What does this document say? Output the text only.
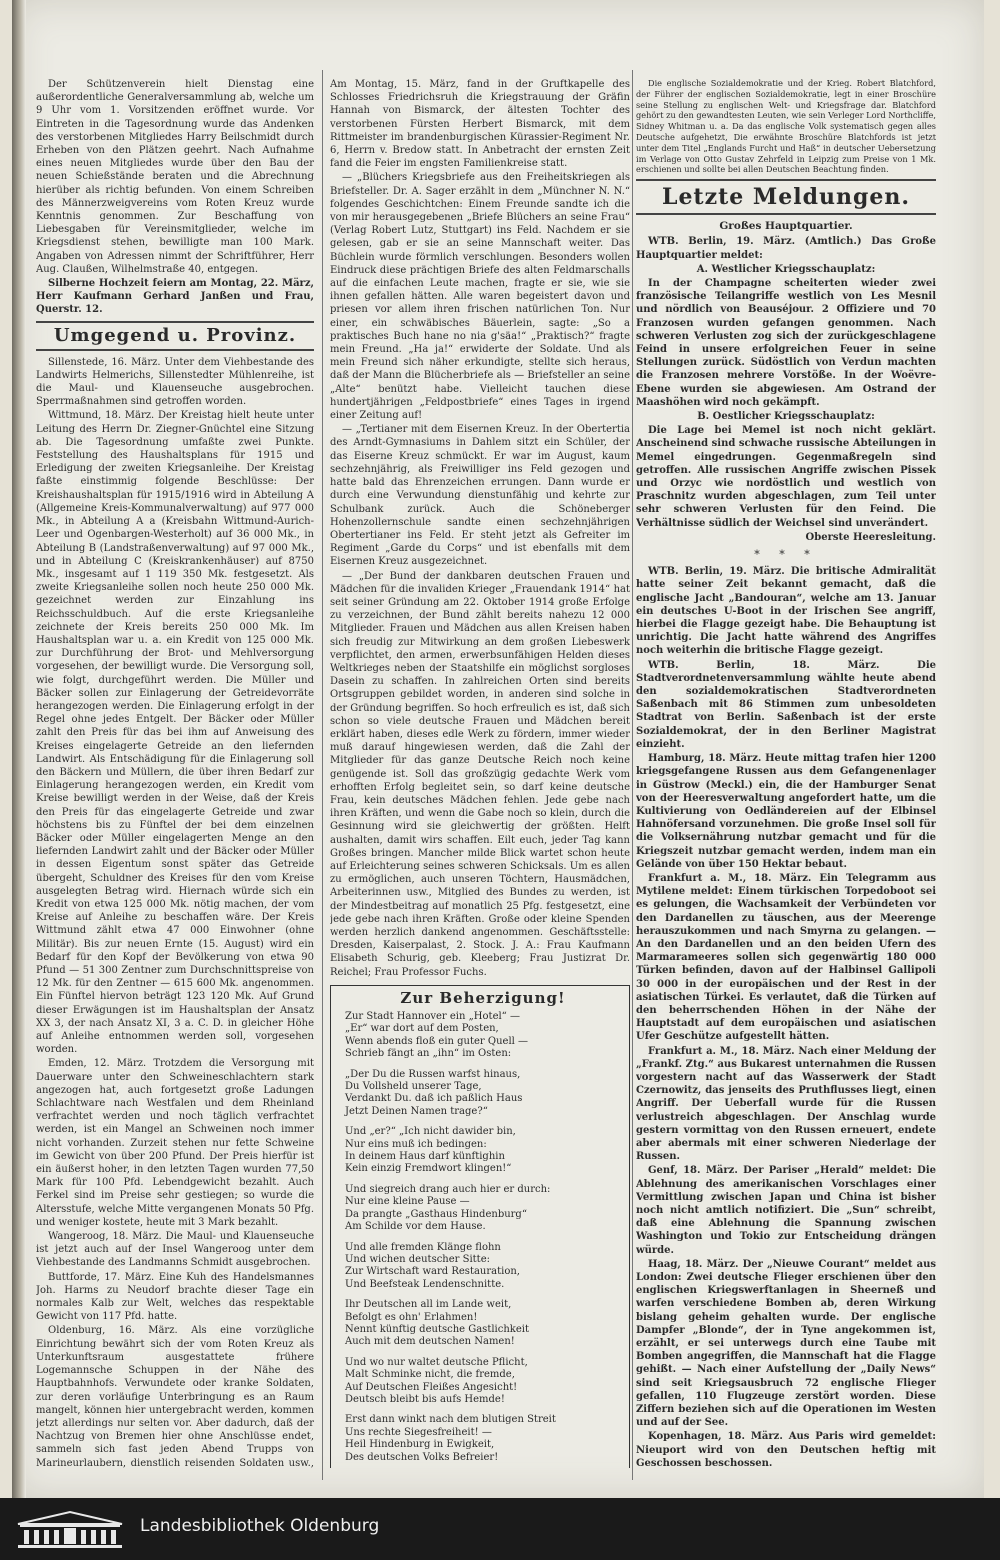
Der Schützenverein hielt Dienstag eine außerordentliche Generalversammlung ab, welche um 9 Uhr vom 1. Vorsitzenden eröffnet wurde. Vor Eintreten in die Tagesordnung wurde das Andenken des verstorbenen Mitgliedes Harry Beilschmidt durch Erheben von den Plätzen geehrt. Nach Aufnahme eines neuen Mitgliedes wurde über den Bau der neuen Schießstände beraten und die Abrechnung hierüber als richtig befunden. Von einem Schreiben des Männerzweigvereins vom Roten Kreuz wurde Kenntnis genommen. Zur Beschaffung von Liebesgaben für Vereinsmitglieder, welche im Kriegsdienst stehen, bewilligte man 100 Mark. Angaben von Adressen nimmt der Schriftführer, Herr Aug. Claußen, Wilhelmstraße 40, entgegen.

Silberne Hochzeit feiern am Montag, 22. März, Herr Kaufmann Gerhard Janßen und Frau, Querstr. 12.

Umgegend u. Provinz.

Sillenstede, 16. März. Unter dem Viehbestande des Landwirts Helmerichs, Sillenstedter Mühlenreihe, ist die Maul- und Klauenseuche ausgebrochen. Sperrmaßnahmen sind getroffen worden.

Wittmund, 18. März. Der Kreistag hielt heute unter Leitung des Herrn Dr. Ziegner-Gnüchtel eine Sitzung ab. Die Tagesordnung umfaßte zwei Punkte. Feststellung des Haushaltsplans für 1915 und Erledigung der zweiten Kriegsanleihe. Der Kreistag faßte einstimmig folgende Beschlüsse: Der Kreishaushaltsplan für 1915/1916 wird in Abteilung A (Allgemeine Kreis-Kommunalverwaltung) auf 977 000 Mk., in Abteilung A a (Kreisbahn Wittmund-Aurich-Leer und Ogenbargen-Westerholt) auf 36 000 Mk., in Abteilung B (Landstraßenverwaltung) auf 97 000 Mk., und in Abteilung C (Kreiskrankenhäuser) auf 8750 Mk., insgesamt auf 1 119 350 Mk. festgesetzt. Als zweite Kriegsanleihe sollen noch heute 250 000 Mk. gezeichnet werden zur Einzahlung ins Reichsschuldbuch. Auf die erste Kriegsanleihe zeichnete der Kreis bereits 250 000 Mk. Im Haushaltsplan war u. a. ein Kredit von 125 000 Mk. zur Durchführung der Brot- und Mehlversorgung vorgesehen, der bewilligt wurde. Die Versorgung soll, wie folgt, durchgeführt werden. Die Müller und Bäcker sollen zur Einlagerung der Getreidevorräte herangezogen werden. Die Einlagerung erfolgt in der Regel ohne jedes Entgelt. Der Bäcker oder Müller zahlt den Preis für das bei ihm auf Anweisung des Kreises eingelagerte Getreide an den liefernden Landwirt. Als Entschädigung für die Einlagerung soll den Bäckern und Müllern, die über ihren Bedarf zur Einlagerung herangezogen werden, ein Kredit vom Kreise bewilligt werden in der Weise, daß der Kreis den Preis für das eingelagerte Getreide und zwar höchstens bis zu Fünftel der bei dem einzelnen Bäcker oder Müller eingelagerten Menge an den liefernden Landwirt zahlt und der Bäcker oder Müller in dessen Eigentum sonst später das Getreide übergeht, Schuldner des Kreises für den vom Kreise ausgelegten Betrag wird. Hiernach würde sich ein Kredit von etwa 125 000 Mk. nötig machen, der vom Kreise auf Anleihe zu beschaffen wäre. Der Kreis Wittmund zählt etwa 47 000 Einwohner (ohne Militär). Bis zur neuen Ernte (15. August) wird ein Bedarf für den Kopf der Bevölkerung von etwa 90 Pfund — 51 300 Zentner zum Durchschnittspreise von 12 Mk. für den Zentner — 615 600 Mk. angenommen. Ein Fünftel hiervon beträgt 123 120 Mk. Auf Grund dieser Erwägungen ist im Haushaltsplan der Ansatz XX 3, der nach Ansatz XI, 3 a. C. D. in gleicher Höhe auf Anleihe entnommen werden soll, vorgesehen worden.

Emden, 12. März. Trotzdem die Versorgung mit Dauerware unter den Schweineschlachtern stark angezogen hat, auch fortgesetzt große Ladungen Schlachtware nach Westfalen und dem Rheinland verfrachtet werden und noch täglich verfrachtet werden, ist ein Mangel an Schweinen noch immer nicht vorhanden. Zurzeit stehen nur fette Schweine im Gewicht von über 200 Pfund. Der Preis hierfür ist ein äußerst hoher, in den letzten Tagen wurden 77,50 Mark für 100 Pfd. Lebendgewicht bezahlt. Auch Ferkel sind im Preise sehr gestiegen; so wurde die Altersstufe, welche Mitte vergangenen Monats 50 Pfg. und weniger kostete, heute mit 3 Mark bezahlt.

Wangeroog, 18. März. Die Maul- und Klauenseuche ist jetzt auch auf der Insel Wangeroog unter dem Viehbestande des Landmanns Schmidt ausgebrochen.

Buttforde, 17. März. Eine Kuh des Handelsmannes Joh. Harms zu Neudorf brachte dieser Tage ein normales Kalb zur Welt, welches das respektable Gewicht von 117 Pfd. hatte.

Oldenburg, 16. März. Als eine vorzügliche Einrichtung bewährt sich der vom Roten Kreuz als Unterkunftsraum ausgestattete frühere Logemannsche Schuppen in der Nähe des Hauptbahnhofs. Verwundete oder kranke Soldaten, zur deren vorläufige Unterbringung es an Raum mangelt, können hier untergebracht werden, kommen jetzt allerdings nur selten vor. Aber dadurch, daß der Nachtzug von Bremen hier ohne Anschlüsse endet, sammeln sich fast jeden Abend Trupps von Marineurlaubern, dienstlich reisenden Soldaten usw.,

Am Montag, 15. März, fand in der Gruftkapelle des Schlosses Friedrichsruh die Kriegstrauung der Gräfin Hannah von Bismarck, der ältesten Tochter des verstorbenen Fürsten Herbert Bismarck, mit dem Rittmeister im brandenburgischen Kürassier-Regiment Nr. 6, Herrn v. Bredow statt. In Anbetracht der ernsten Zeit fand die Feier im engsten Familienkreise statt.

— „Blüchers Kriegsbriefe aus den Freiheitskriegen als Briefsteller. Dr. A. Sager erzählt in dem „Münchner N. N.“ folgendes Geschichtchen: Einem Freunde sandte ich die von mir herausgegebenen „Briefe Blüchers an seine Frau“ (Verlag Robert Lutz, Stuttgart) ins Feld. Nachdem er sie gelesen, gab er sie an seine Mannschaft weiter. Das Büchlein wurde förmlich verschlungen. Besonders wollen Eindruck diese prächtigen Briefe des alten Feldmarschalls auf die einfachen Leute machen, fragte er sie, wie sie ihnen gefallen hätten. Alle waren begeistert davon und priesen vor allem ihren frischen natürlichen Ton. Nur einer, ein schwäbisches Bäuerlein, sagte: „So a praktisches Buch hane no nia g'säa!“ „Praktisch?“ fragte mein Freund. „Ha ja!“ erwiderte der Soldate. Und als mein Freund sich näher erkundigte, stellte sich heraus, daß der Mann die Blücherbriefe als — Briefsteller an seine „Alte“ benützt habe. Vielleicht tauchen diese hundertjährigen „Feldpostbriefe“ eines Tages in irgend einer Zeitung auf!

— „Tertianer mit dem Eisernen Kreuz. In der Obertertia des Arndt-Gymnasiums in Dahlem sitzt ein Schüler, der das Eiserne Kreuz schmückt. Er war im August, kaum sechzehnjährig, als Freiwilliger ins Feld gezogen und hatte bald das Ehrenzeichen errungen. Dann wurde er durch eine Verwundung dienstunfähig und kehrte zur Schulbank zurück. Auch die Schöneberger Hohenzollernschule sandte einen sechzehnjährigen Obertertianer ins Feld. Er steht jetzt als Gefreiter im Regiment „Garde du Corps“ und ist ebenfalls mit dem Eisernen Kreuz ausgezeichnet.

— „Der Bund der dankbaren deutschen Frauen und Mädchen für die invaliden Krieger „Frauendank 1914“ hat seit seiner Gründung am 22. Oktober 1914 große Erfolge zu verzeichnen, der Bund zählt bereits nahezu 12 000 Mitglieder. Frauen und Mädchen aus allen Kreisen haben sich freudig zur Mitwirkung an dem großen Liebeswerk verpflichtet, den armen, erwerbsunfähigen Helden dieses Weltkrieges neben der Staatshilfe ein möglichst sorgloses Dasein zu schaffen. In zahlreichen Orten sind bereits Ortsgruppen gebildet worden, in anderen sind solche in der Gründung begriffen. So hoch erfreulich es ist, daß sich schon so viele deutsche Frauen und Mädchen bereit erklärt haben, dieses edle Werk zu fördern, immer wieder muß darauf hingewiesen werden, daß die Zahl der Mitglieder für das ganze Deutsche Reich noch keine genügende ist. Soll das großzügig gedachte Werk vom erhofften Erfolg begleitet sein, so darf keine deutsche Frau, kein deutsches Mädchen fehlen. Jede gebe nach ihren Kräften, und wenn die Gabe noch so klein, durch die Gesinnung wird sie gleichwertig der größten. Helft aushalten, damit wirs schaffen. Eilt euch, jeder Tag kann Großes bringen. Mancher milde Blick wartet schon heute auf Erleichterung seines schweren Schicksals. Um es allen zu ermöglichen, auch unseren Töchtern, Hausmädchen, Arbeiterinnen usw., Mitglied des Bundes zu werden, ist der Mindestbeitrag auf monatlich 25 Pfg. festgesetzt, eine jede gebe nach ihren Kräften. Große oder kleine Spenden werden herzlich dankend angenommen. Geschäftsstelle: Dresden, Kaiserpalast, 2. Stock. J. A.: Frau Kaufmann Elisabeth Schurig, geb. Kleeberg; Frau Justizrat Dr. Reichel; Frau Professor Fuchs.

Zur Beherzigung!
Zur Stadt Hannover ein „Hotel“ —
„Er“ war dort auf dem Posten,
Wenn abends floß ein guter Quell —
Schrieb fängt an „ihn“ im Osten:
„Der Du die Russen warfst hinaus,
Du Vollsheld unserer Tage,
Verdankt Du. daß ich paßlich Haus
Jetzt Deinen Namen trage?“
Und „er?“ „Ich nicht dawider bin,
Nur eins muß ich bedingen:
In deinem Haus darf künftighin
Kein einzig Fremdwort klingen!“
Und siegreich drang auch hier er durch:
Nur eine kleine Pause —
Da prangte „Gasthaus Hindenburg“
Am Schilde vor dem Hause.
Und alle fremden Klänge flohn
Und wichen deutscher Sitte:
Zur Wirtschaft ward Restauration,
Und Beefsteak Lendenschnitte.
Ihr Deutschen all im Lande weit,
Befolgt es ohn' Erlahmen!
Nennt künftig deutsche Gastlichkeit
Auch mit dem deutschen Namen!
Und wo nur waltet deutsche Pflicht,
Malt Schminke nicht, die fremde,
Auf Deutschen Fleißes Angesicht!
Deutsch bleibt bis aufs Hemde!
Erst dann winkt nach dem blutigen Streit
Uns rechte Siegesfreiheit! —
Heil Hindenburg in Ewigkeit,
Des deutschen Volks Befreier!

Die englische Sozialdemokratie und der Krieg. Robert Blatchford, der Führer der englischen Sozialdemokratie, legt in einer Broschüre seine Stellung zu englischen Welt- und Kriegsfrage dar. Blatchford gehört zu den gewandtesten Leuten, wie sein Verleger Lord Northcliffe, Sidney Whitman u. a. Da das englische Volk systematisch gegen alles Deutsche aufgehetzt, Die erwähnte Broschüre Blatchfords ist jetzt unter dem Titel „Englands Furcht und Haß“ in deutscher Uebersetzung im Verlage von Otto Gustav Zehrfeld in Leipzig zum Preise von 1 Mk. erschienen und sollte bei allen Deutschen Beachtung finden.

Letzte Meldungen.
Großes Hauptquartier.

WTB. Berlin, 19. März. (Amtlich.) Das Große Hauptquartier meldet:

A. Westlicher Kriegsschauplatz:

In der Champagne scheiterten wieder zwei französische Teilangriffe westlich von Les Mesnil und nördlich von Beauséjour. 2 Offiziere und 70 Franzosen wurden gefangen genommen. Nach schweren Verlusten zog sich der zurückgeschlagene Feind in unsere erfolgreichen Feuer in seine Stellungen zurück. Südöstlich von Verdun machten die Franzosen mehrere Vorstöße. In der Woëvre-Ebene wurden sie abgewiesen. Am Ostrand der Maashöhen wird noch gekämpft.

B. Oestlicher Kriegsschauplatz:

Die Lage bei Memel ist noch nicht geklärt. Anscheinend sind schwache russische Abteilungen in Memel eingedrungen. Gegenmaßregeln sind getroffen. Alle russischen Angriffe zwischen Pissek und Orzyc wie nordöstlich und westlich von Praschnitz wurden abgeschlagen, zum Teil unter sehr schweren Verlusten für den Feind. Die Verhältnisse südlich der Weichsel sind unverändert.

Oberste Heeresleitung.

* * *

WTB. Berlin, 19. März. Die britische Admiralität hatte seiner Zeit bekannt gemacht, daß die englische Jacht „Bandouran“, welche am 13. Januar ein deutsches U-Boot in der Irischen See angriff, hierbei die Flagge gezeigt habe. Die Behauptung ist unrichtig. Die Jacht hatte während des Angriffes noch weiterhin die britische Flagge gezeigt.

WTB. Berlin, 18. März. Die Stadtverordnetenversammlung wählte heute abend den sozialdemokratischen Stadtverordneten Saßenbach mit 86 Stimmen zum unbesoldeten Stadtrat von Berlin. Saßenbach ist der erste Sozialdemokrat, der in den Berliner Magistrat einzieht.

Hamburg, 18. März. Heute mittag trafen hier 1200 kriegsgefangene Russen aus dem Gefangenenlager in Güstrow (Meckl.) ein, die der Hamburger Senat von der Heeresverwaltung angefordert hatte, um die Kultivierung von Oedländereien auf der Elbinsel Hahnöfersand vorzunehmen. Die große Insel soll für die Volksernährung nutzbar gemacht und für die Kriegszeit nutzbar gemacht werden, indem man ein Gelände von über 150 Hektar bebaut.

Frankfurt a. M., 18. März. Ein Telegramm aus Mytilene meldet: Einem türkischen Torpedoboot sei es gelungen, die Wachsamkeit der Verbündeten vor den Dardanellen zu täuschen, aus der Meerenge herauszukommen und nach Smyrna zu gelangen. — An den Dardanellen und an den beiden Ufern des Marmarameeres sollen sich gegenwärtig 180 000 Türken befinden, davon auf der Halbinsel Gallipoli 30 000 in der europäischen und der Rest in der asiatischen Türkei. Es verlautet, daß die Türken auf den beherrschenden Höhen in der Nähe der Hauptstadt auf dem europäischen und asiatischen Ufer Geschütze aufgestellt hätten.

Frankfurt a. M., 18. März. Nach einer Meldung der „Frankf. Ztg.“ aus Bukarest unternahmen die Russen vorgestern nacht auf das Wasserwerk der Stadt Czernowitz, das jenseits des Pruthflusses liegt, einen Angriff. Der Ueberfall wurde für die Russen verlustreich abgeschlagen. Der Anschlag wurde gestern vormittag von den Russen erneuert, endete aber abermals mit einer schweren Niederlage der Russen.

Genf, 18. März. Der Pariser „Herald“ meldet: Die Ablehnung des amerikanischen Vorschlages einer Vermittlung zwischen Japan und China ist bisher noch nicht amtlich notifiziert. Die „Sun“ schreibt, daß eine Ablehnung die Spannung zwischen Washington und Tokio zur Entscheidung drängen würde.

Haag, 18. März. Der „Nieuwe Courant“ meldet aus London: Zwei deutsche Flieger erschienen über den englischen Kriegswerftanlagen in Sheerneß und warfen verschiedene Bomben ab, deren Wirkung bislang geheim gehalten wurde. Der englische Dampfer „Blonde“, der in Tyne angekommen ist, erzählt, er sei unterwegs durch eine Taube mit Bomben angegriffen, die Mannschaft hat die Flagge gehißt. — Nach einer Aufstellung der „Daily News“ sind seit Kriegsausbruch 72 englische Flieger gefallen, 110 Flugzeuge zerstört worden. Diese Ziffern beziehen sich auf die Operationen im Westen und auf der See.

Kopenhagen, 18. März. Aus Paris wird gemeldet: Nieuport wird von den Deutschen heftig mit Geschossen beschossen.

Landesbibliothek Oldenburg
